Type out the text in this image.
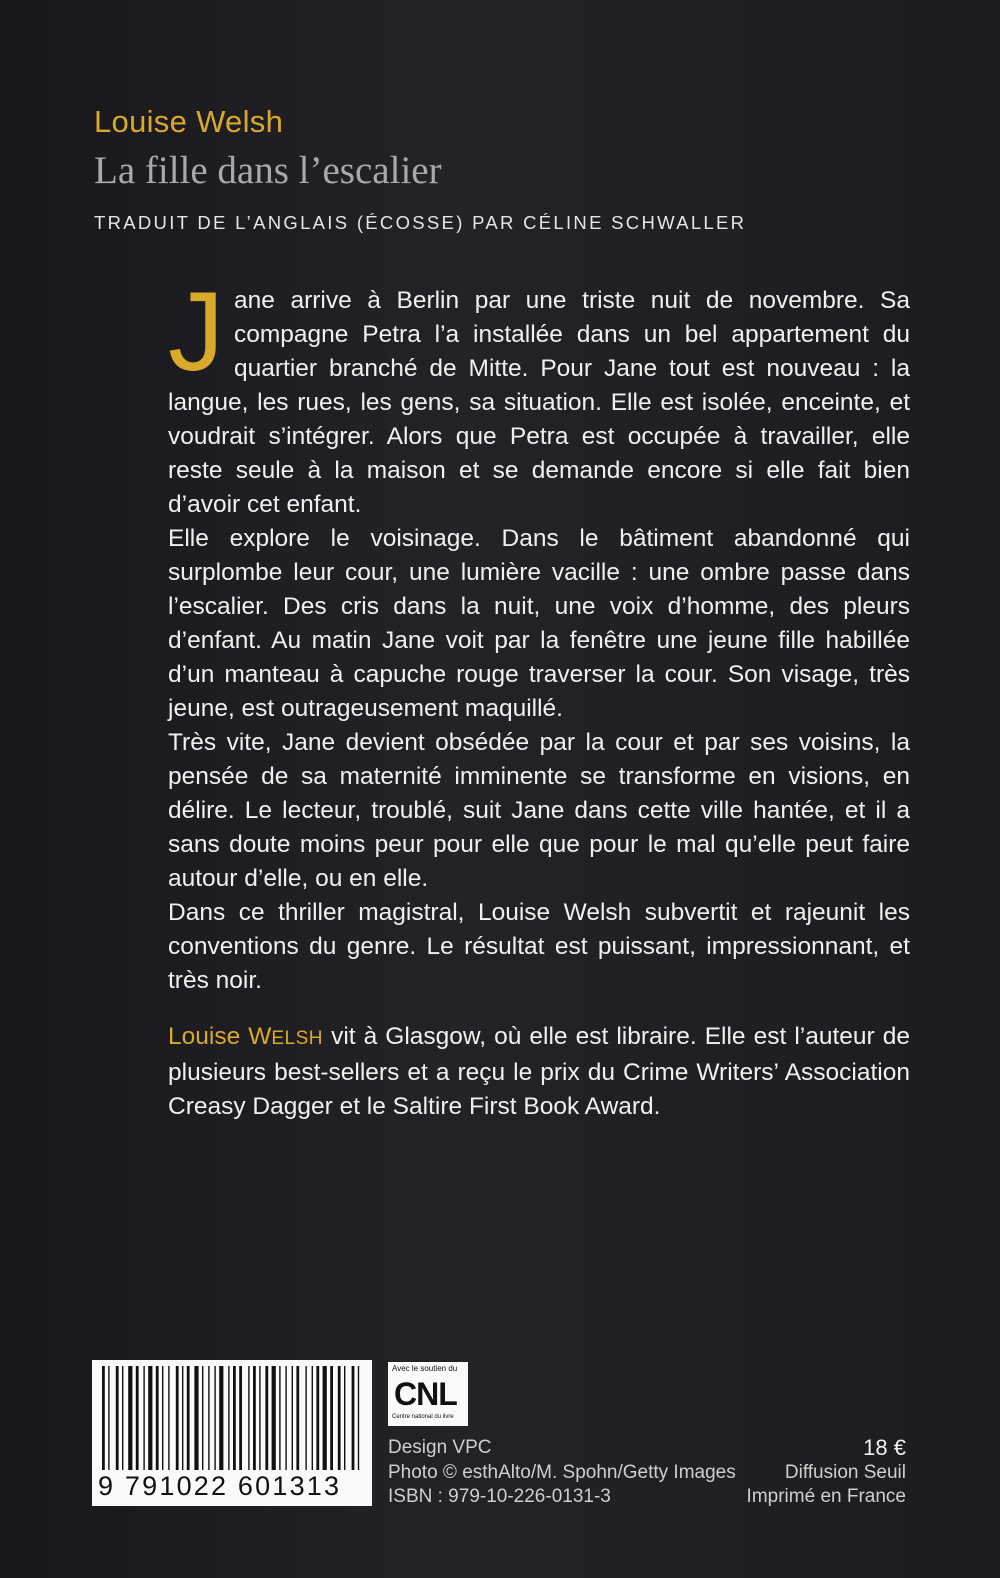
Louise Welsh
La fille dans l’escalier
TRADUIT DE L’ANGLAIS (ÉCOSSE) PAR CÉLINE SCHWALLER

Jane arrive à Berlin par une triste nuit de novembre. Sa compagne Petra l’a installée dans un bel appartement du quartier branché de Mitte. Pour Jane tout est nouveau : la langue, les rues, les gens, sa situation. Elle est isolée, enceinte, et voudrait s’intégrer. Alors que Petra est occupée à travailler, elle reste seule à la maison et se demande encore si elle fait bien d’avoir cet enfant.

Elle explore le voisinage. Dans le bâtiment abandonné qui surplombe leur cour, une lumière vacille : une ombre passe dans l’escalier. Des cris dans la nuit, une voix d’homme, des pleurs d’enfant. Au matin Jane voit par la fenêtre une jeune fille habillée d’un manteau à capuche rouge traverser la cour. Son visage, très jeune, est outrageusement maquillé.

Très vite, Jane devient obsédée par la cour et par ses voisins, la pensée de sa maternité imminente se transforme en visions, en délire. Le lecteur, troublé, suit Jane dans cette ville hantée, et il a sans doute moins peur pour elle que pour le mal qu’elle peut faire autour d’elle, ou en elle.

Dans ce thriller magistral, Louise Welsh subvertit et rajeunit les conventions du genre. Le résultat est puissant, impressionnant, et très noir.

Louise WELSH vit à Glasgow, où elle est libraire. Elle est l’auteur de plusieurs best-sellers et a reçu le prix du Crime Writers’ Association Creasy Dagger et le Saltire First Book Award.
9 791022 601313
Avec le soutien du
CNL
Centre national du livre
Design VPC
Photo © esthAlto/M. Spohn/Getty Images
ISBN : 979-10-226-0131-3
18 €
Diffusion Seuil
Imprimé en France
